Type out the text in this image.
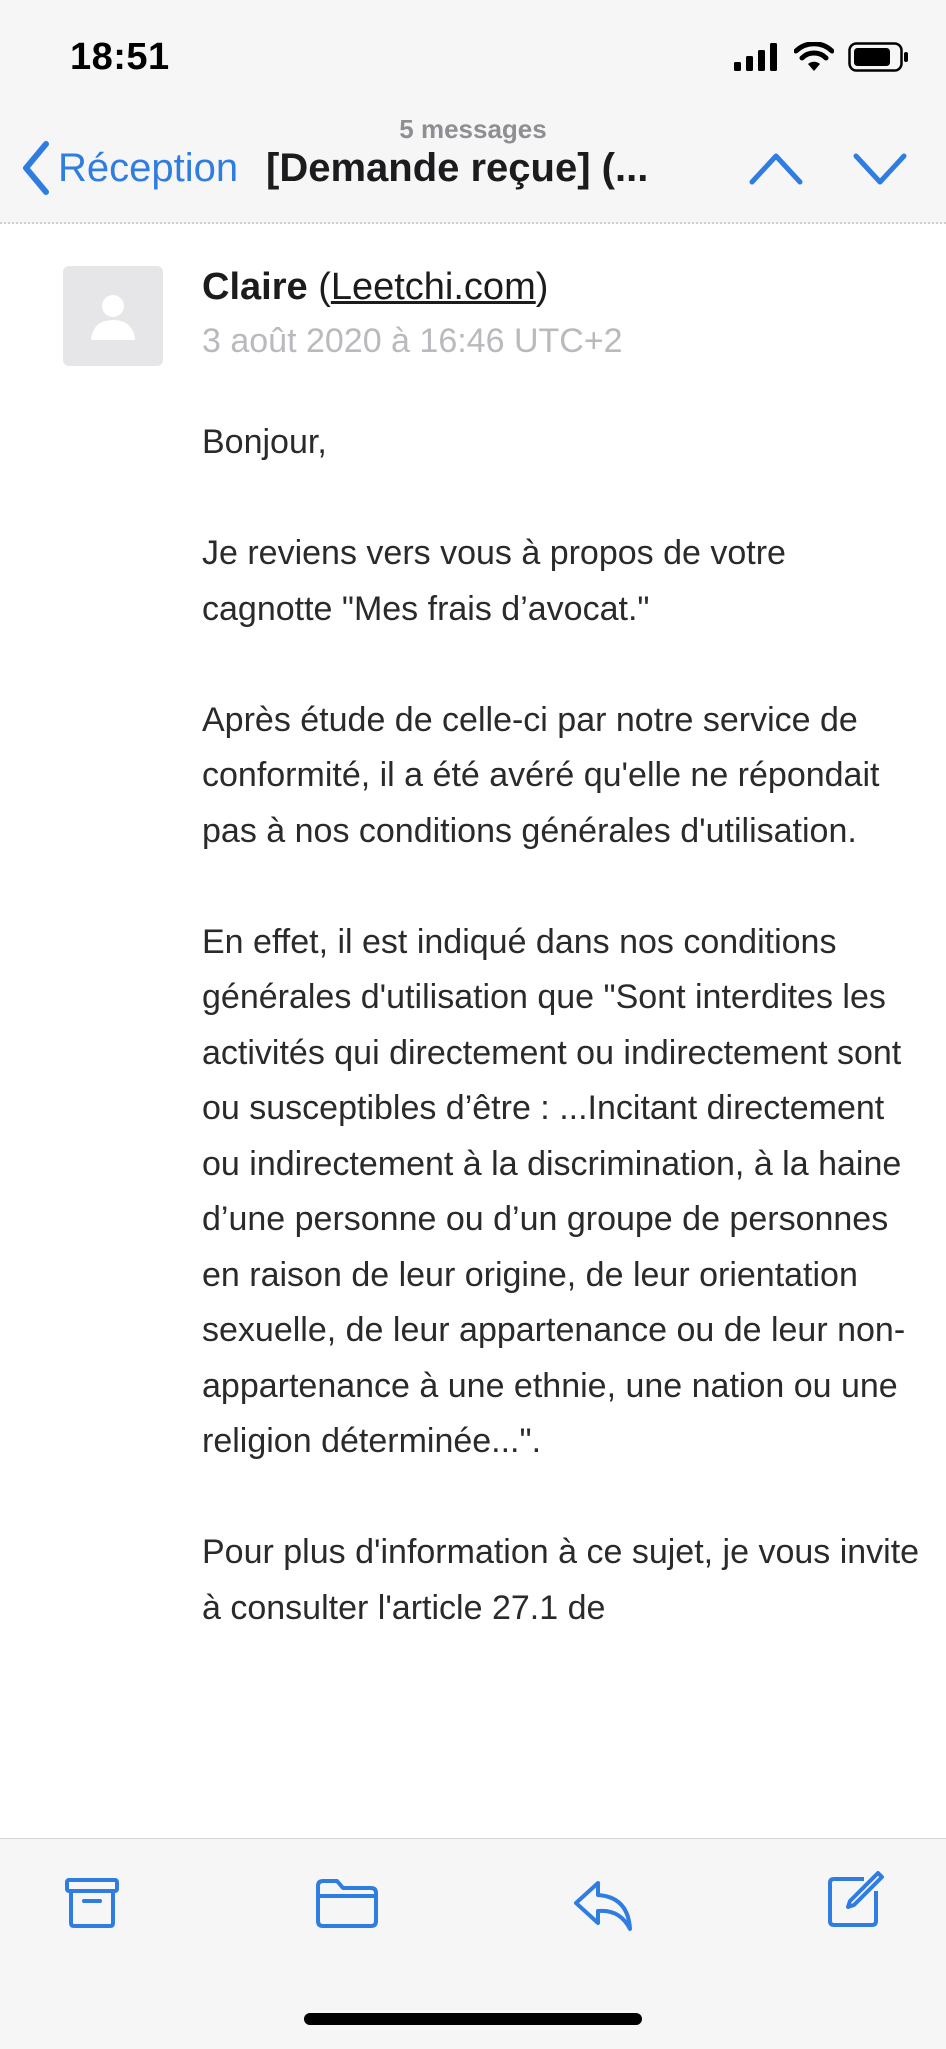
18:51
5 messages
Réception [Demande reçue] (...
Claire (Leetchi.com)
3 août 2020 à 16:46 UTC+2

Bonjour,

Je reviens vers vous à propos de votre cagnotte "Mes frais d’avocat."

Après étude de celle-ci par notre service de conformité, il a été avéré qu'elle ne répondait pas à nos conditions générales d'utilisation.

En effet, il est indiqué dans nos conditions générales d'utilisation que "Sont interdites les activités qui directement ou indirectement sont ou susceptibles d’être : ...Incitant directement ou indirectement à la discrimination, à la haine d’une personne ou d’un groupe de personnes en raison de leur origine, de leur orientation sexuelle, de leur appartenance ou de leur non-appartenance à une ethnie, une nation ou une religion déterminée...".

Pour plus d'information à ce sujet, je vous invite à consulter l'article 27.1 de
